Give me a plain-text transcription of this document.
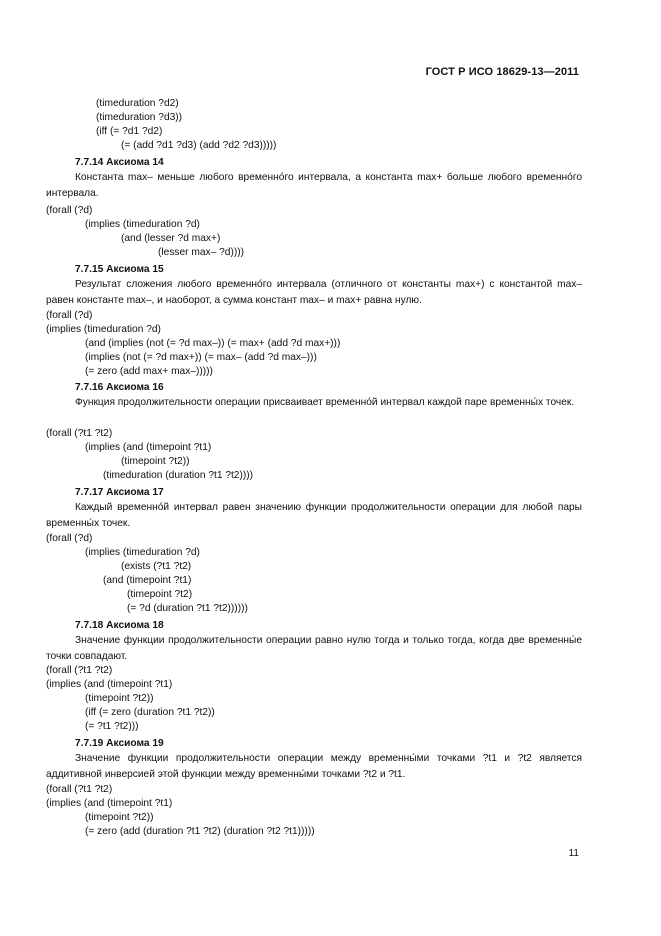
ГОСТ Р ИСО 18629-13—2011
(timeduration ?d2)
(timeduration ?d3))
(iff (= ?d1 ?d2)
(= (add ?d1 ?d3) (add ?d2 ?d3)))))
7.7.14 Аксиома 14
Константа max– меньше любого временно́го интервала, а константа max+ больше любого временно́го интервала.
(forall (?d)
(implies (timeduration ?d)
(and (lesser ?d max+)
(lesser max– ?d))))
7.7.15 Аксиома 15
Результат сложения любого временно́го интервала (отличного от константы max+) с константой max– равен константе max–, и наоборот, а сумма констант max– и max+ равна нулю.
(forall (?d)
(implies (timeduration ?d)
(and (implies (not (= ?d max–)) (= max+ (add ?d max+)))
(implies (not (= ?d max+)) (= max– (add ?d max–)))
(= zero (add max+ max–)))))
7.7.16 Аксиома 16
Функция продолжительности операции присваивает временно́й интервал каждой паре временны́х точек.
(forall (?t1 ?t2)
(implies (and (timepoint ?t1)
(timepoint ?t2))
(timeduration (duration ?t1 ?t2))))
7.7.17 Аксиома 17
Каждый временно́й интервал равен значению функции продолжительности операции для любой пары временны́х точек.
(forall (?d)
(implies (timeduration ?d)
(exists (?t1 ?t2)
(and (timepoint ?t1)
(timepoint ?t2)
(= ?d (duration ?t1 ?t2))))))
7.7.18 Аксиома 18
Значение функции продолжительности операции равно нулю тогда и только тогда, когда две временны́е точки совпадают.
(forall (?t1 ?t2)
(implies (and (timepoint ?t1)
(timepoint ?t2))
(iff (= zero (duration ?t1 ?t2))
(= ?t1 ?t2)))
7.7.19 Аксиома 19
Значение функции продолжительности операции между временны́ми точками ?t1 и ?t2 является аддитивной инверсией этой функции между временны́ми точками ?t2 и ?t1.
(forall (?t1 ?t2)
(implies (and (timepoint ?t1)
(timepoint ?t2))
(= zero (add (duration ?t1 ?t2) (duration ?t2 ?t1)))))
11
